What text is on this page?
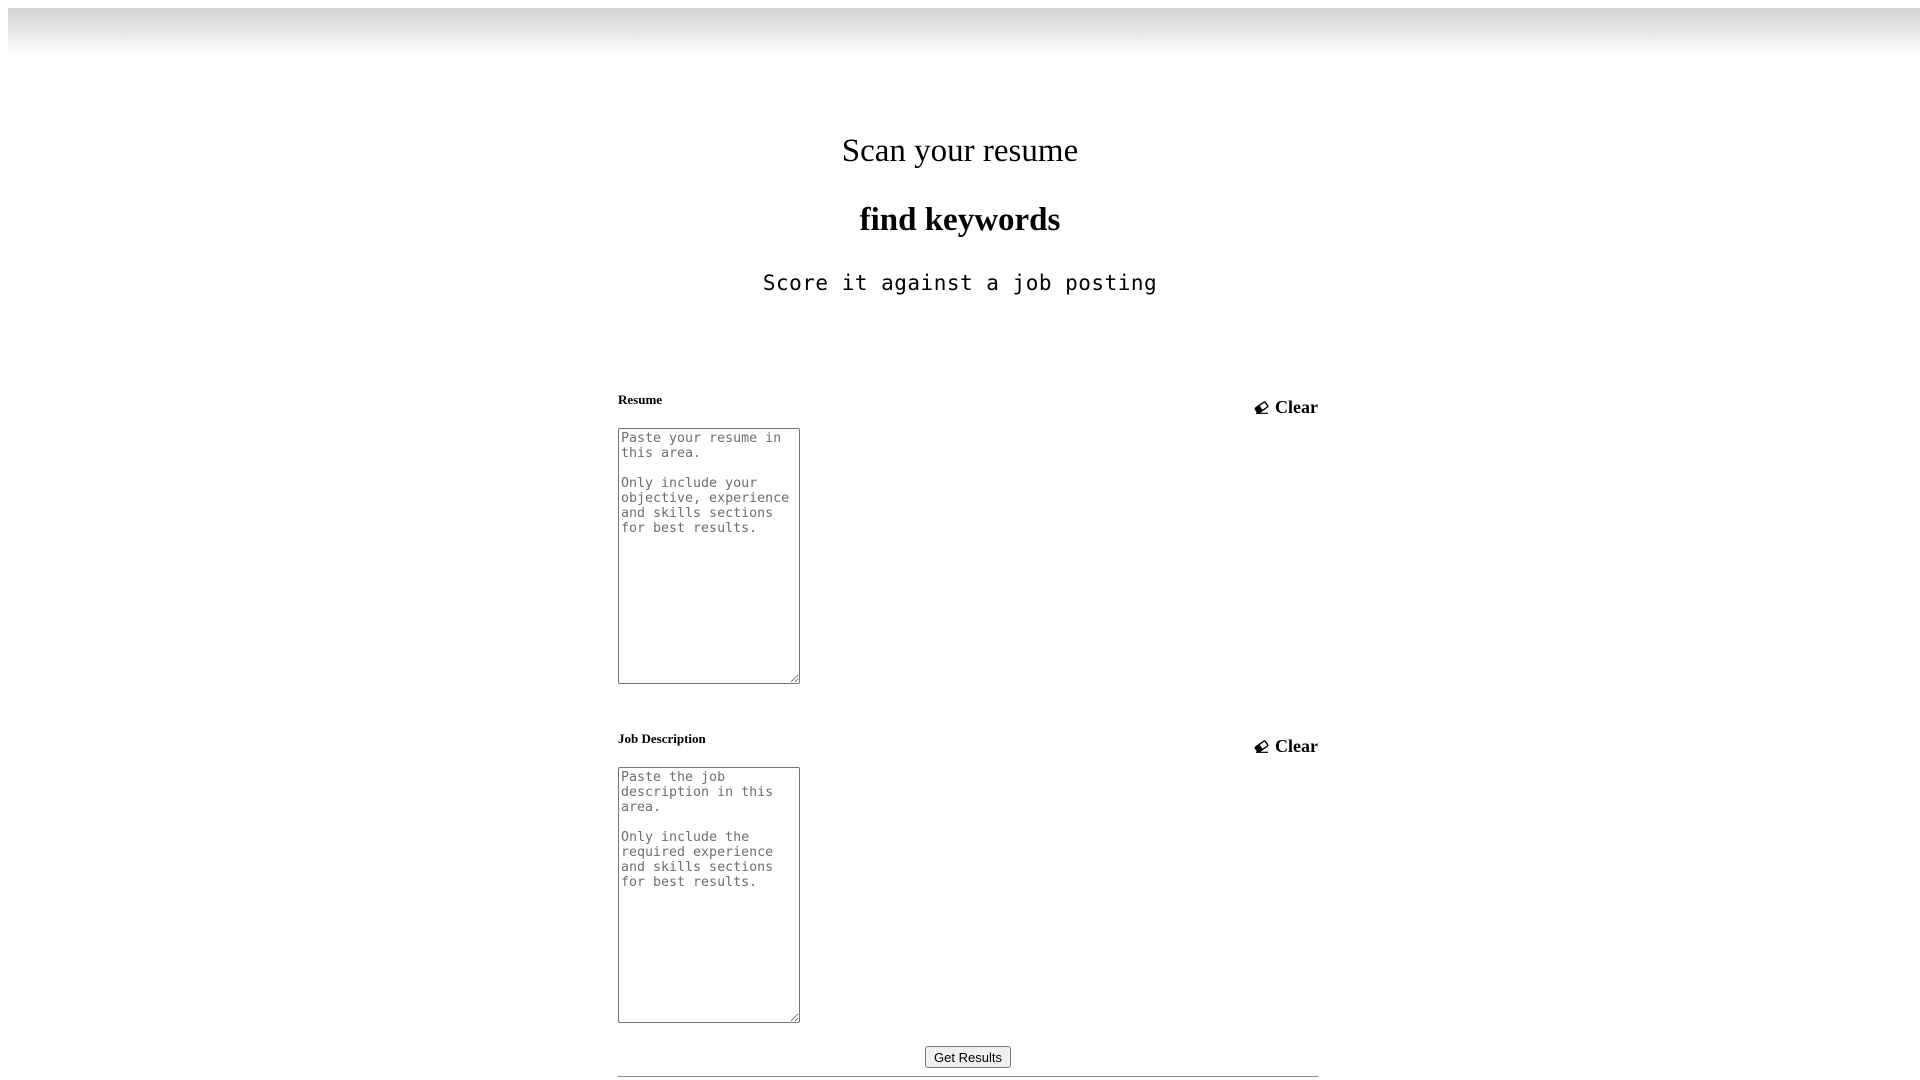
Scan your resume
find keywords

Score it against a job posting

Resume	Clear
Paste your resume in this area. Only include your objective, experience and skills sections for best results.
Job Description	Clear
Paste the job description in this area. Only include the required experience and skills sections for best results.
Get Results
